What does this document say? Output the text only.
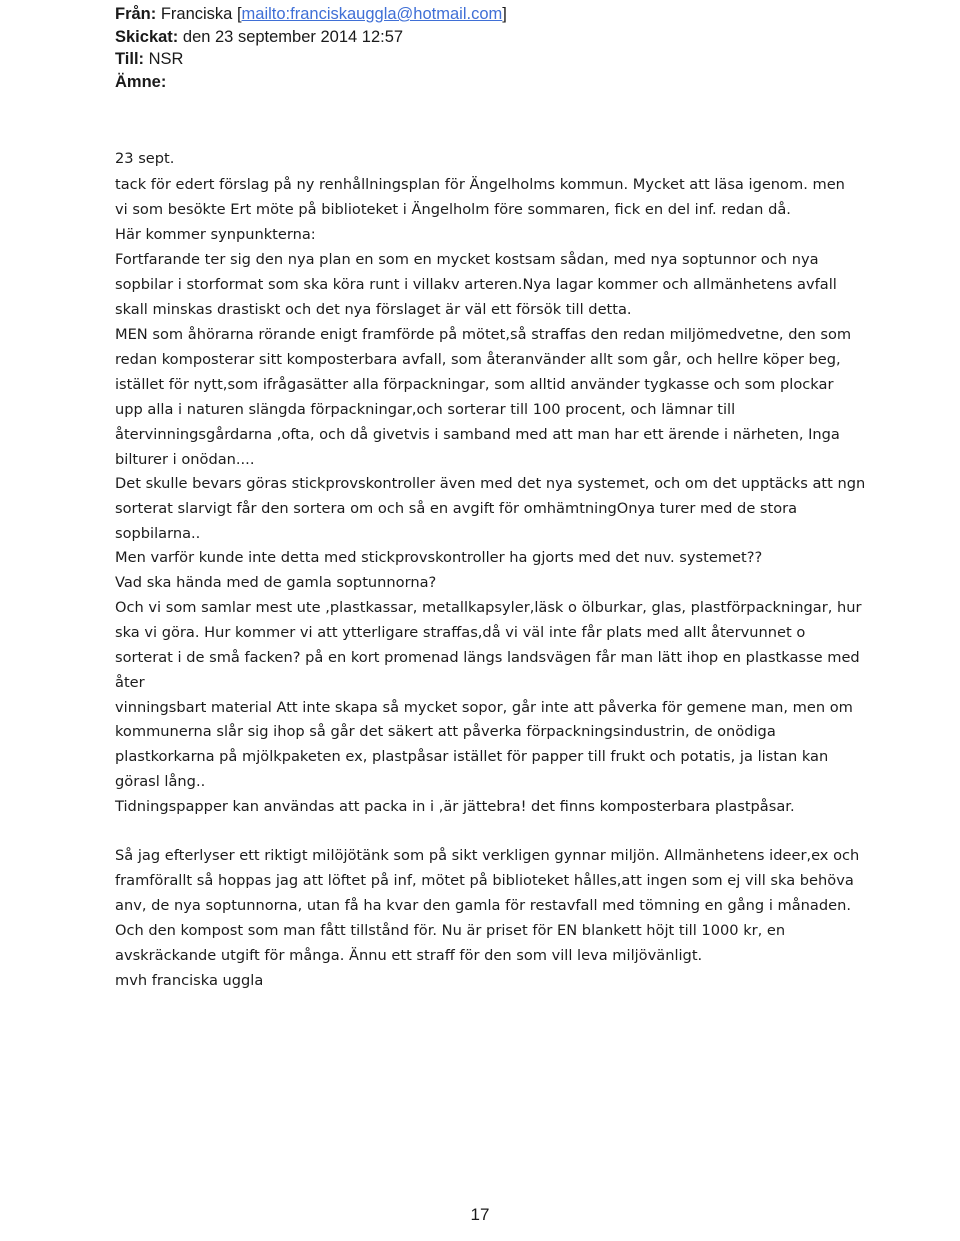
Från: Franciska [mailto:franciskauggla@hotmail.com]
Skickat: den 23 september 2014 12:57
Till: NSR
Ämne:
23 sept.
tack för edert förslag på ny renhållningsplan för Ängelholms kommun. Mycket att läsa igenom. men
vi som besökte Ert möte på biblioteket i Ängelholm före sommaren, fick en del inf. redan då.
Här kommer synpunkterna:
Fortfarande ter sig den nya plan en som en mycket kostsam sådan, med nya soptunnor och nya
sopbilar i storformat som ska köra runt i villakv arteren.Nya lagar kommer och allmänhetens avfall
skall minskas drastiskt och det nya förslaget är väl ett försök till detta.
MEN som åhörarna rörande enigt framförde på mötet,så straffas den redan miljömedvetne, den som
redan komposterar sitt komposterbara avfall, som återanvänder allt som går, och hellre köper beg,
istället för nytt,som ifrågasätter alla förpackningar, som alltid använder tygkasse och som plockar
upp alla i naturen slängda förpackningar,och sorterar till 100 procent, och lämnar till
återvinningsgårdarna ,ofta, och då givetvis i samband med att man har ett ärende i närheten, Inga
bilturer i onödan....
Det skulle bevars göras stickprovskontroller även med det nya systemet, och om det upptäcks att ngn
sorterat slarvigt får den sortera om och så en avgift för omhämtningOnya turer med de stora
sopbilarna..
Men varför kunde inte detta med stickprovskontroller ha gjorts med det nuv. systemet??
Vad ska hända med de gamla soptunnorna?
Och vi som samlar mest ute ,plastkassar, metallkapsyler,läsk o ölburkar, glas, plastförpackningar, hur
ska vi göra. Hur kommer vi att ytterligare straffas,då vi väl inte får plats med allt återvunnet o
sorterat i de små facken? på en kort promenad längs landsvägen får man lätt ihop en plastkasse med
åter
vinningsbart material Att inte skapa så mycket sopor, går inte att påverka för gemene man, men om
kommunerna slår sig ihop så går det säkert att påverka förpackningsindustrin, de onödiga
plastkorkarna på mjölkpaketen ex, plastpåsar istället för papper till frukt och potatis, ja listan kan
görasl lång..
Tidningspapper kan användas att packa in i ,är jättebra! det finns komposterbara plastpåsar.
Så jag efterlyser ett riktigt milöjötänk som på sikt verkligen gynnar miljön. Allmänhetens ideer,ex och
framförallt så hoppas jag att löftet på inf, mötet på biblioteket hålles,att ingen som ej vill ska behöva
anv, de nya soptunnorna, utan få ha kvar den gamla för restavfall med tömning en gång i månaden.
Och den kompost som man fått tillstånd för. Nu är priset för EN blankett höjt till 1000 kr, en
avskräckande utgift för många. Ännu ett straff för den som vill leva miljövänligt.
mvh franciska uggla
17
